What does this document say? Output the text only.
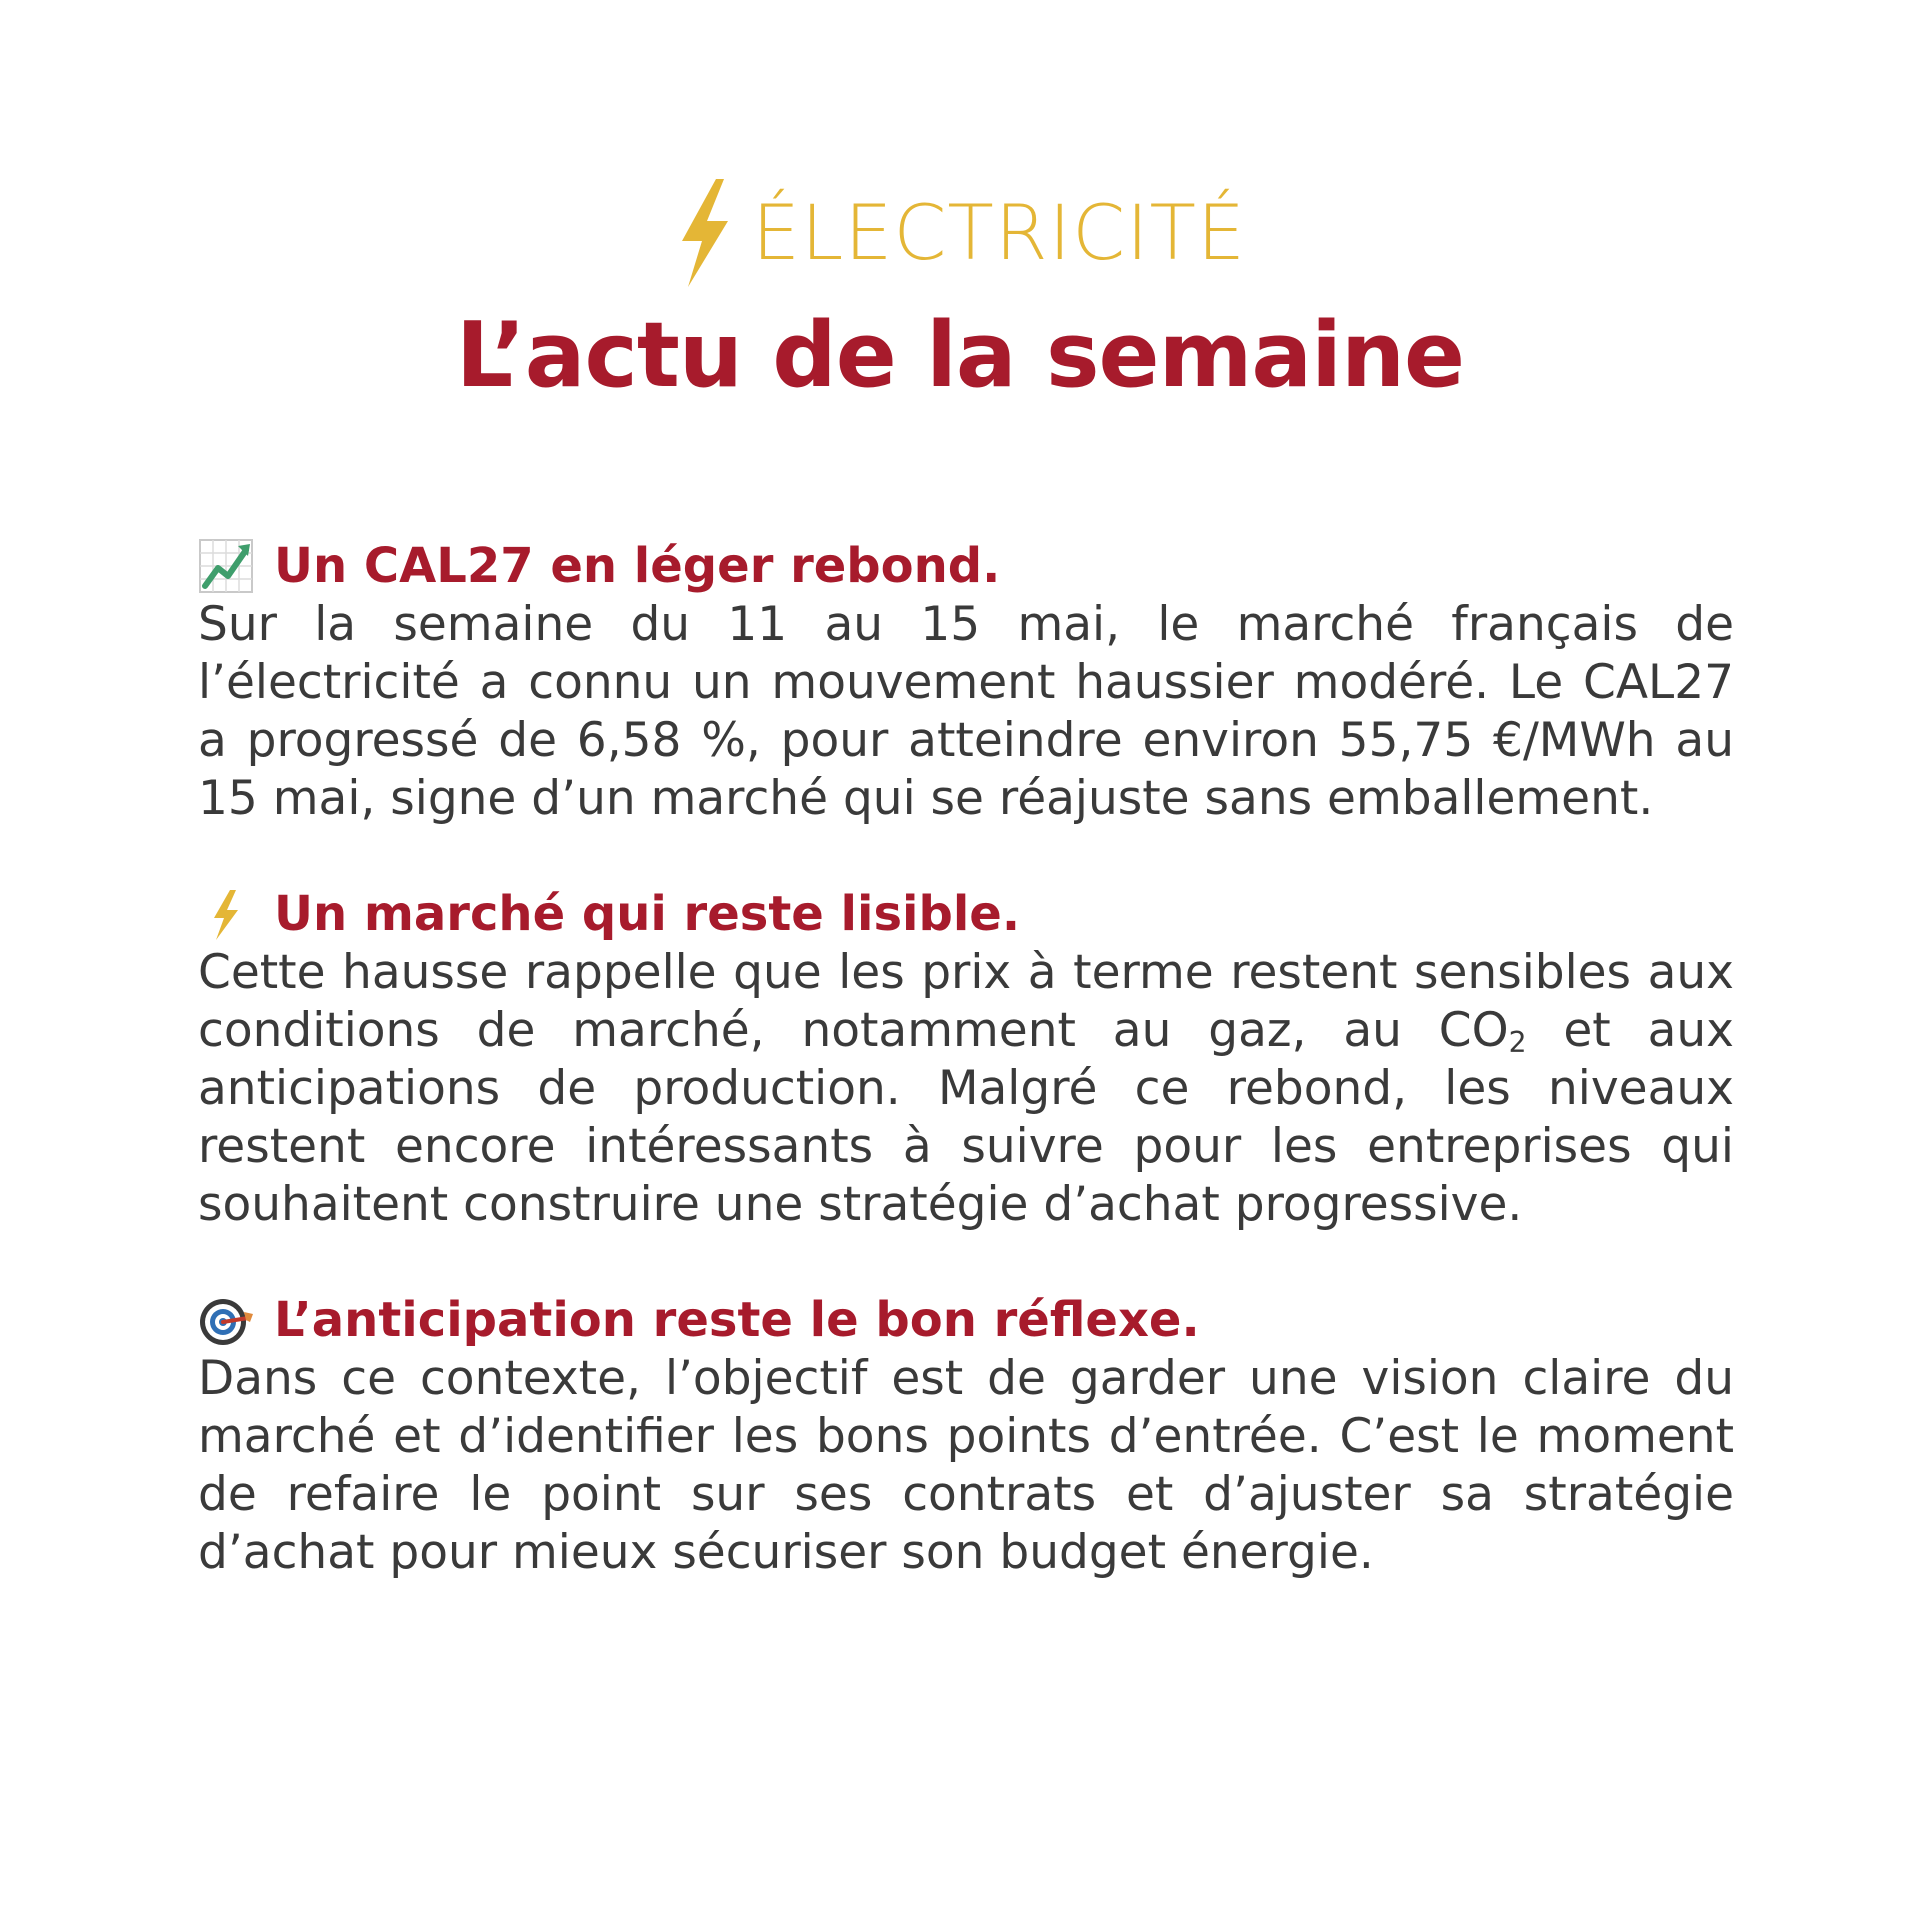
ÉLECTRICITÉ
L’actu de la semaine
Un CAL27 en léger rebond.

Sur la semaine du 11 au 15 mai, le marché français de l’électricité a connu un mouvement haussier modéré. Le CAL27 a progressé de 6,58 %, pour atteindre environ 55,75 €/MWh au 15 mai, signe d’un marché qui se réajuste sans emballement.

Un marché qui reste lisible.

Cette hausse rappelle que les prix à terme restent sensibles aux conditions de marché, notamment au gaz, au $CO_2$ et aux anticipations de production. Malgré ce rebond, les niveaux restent encore intéressants à suivre pour les entreprises qui souhaitent construire une stratégie d’achat progressive.

L’anticipation reste le bon réflexe.

Dans ce contexte, l’objectif est de garder une vision claire du marché et d’identifier les bons points d’entrée. C’est le moment de refaire le point sur ses contrats et d’ajuster sa stratégie d’achat pour mieux sécuriser son budget énergie.
